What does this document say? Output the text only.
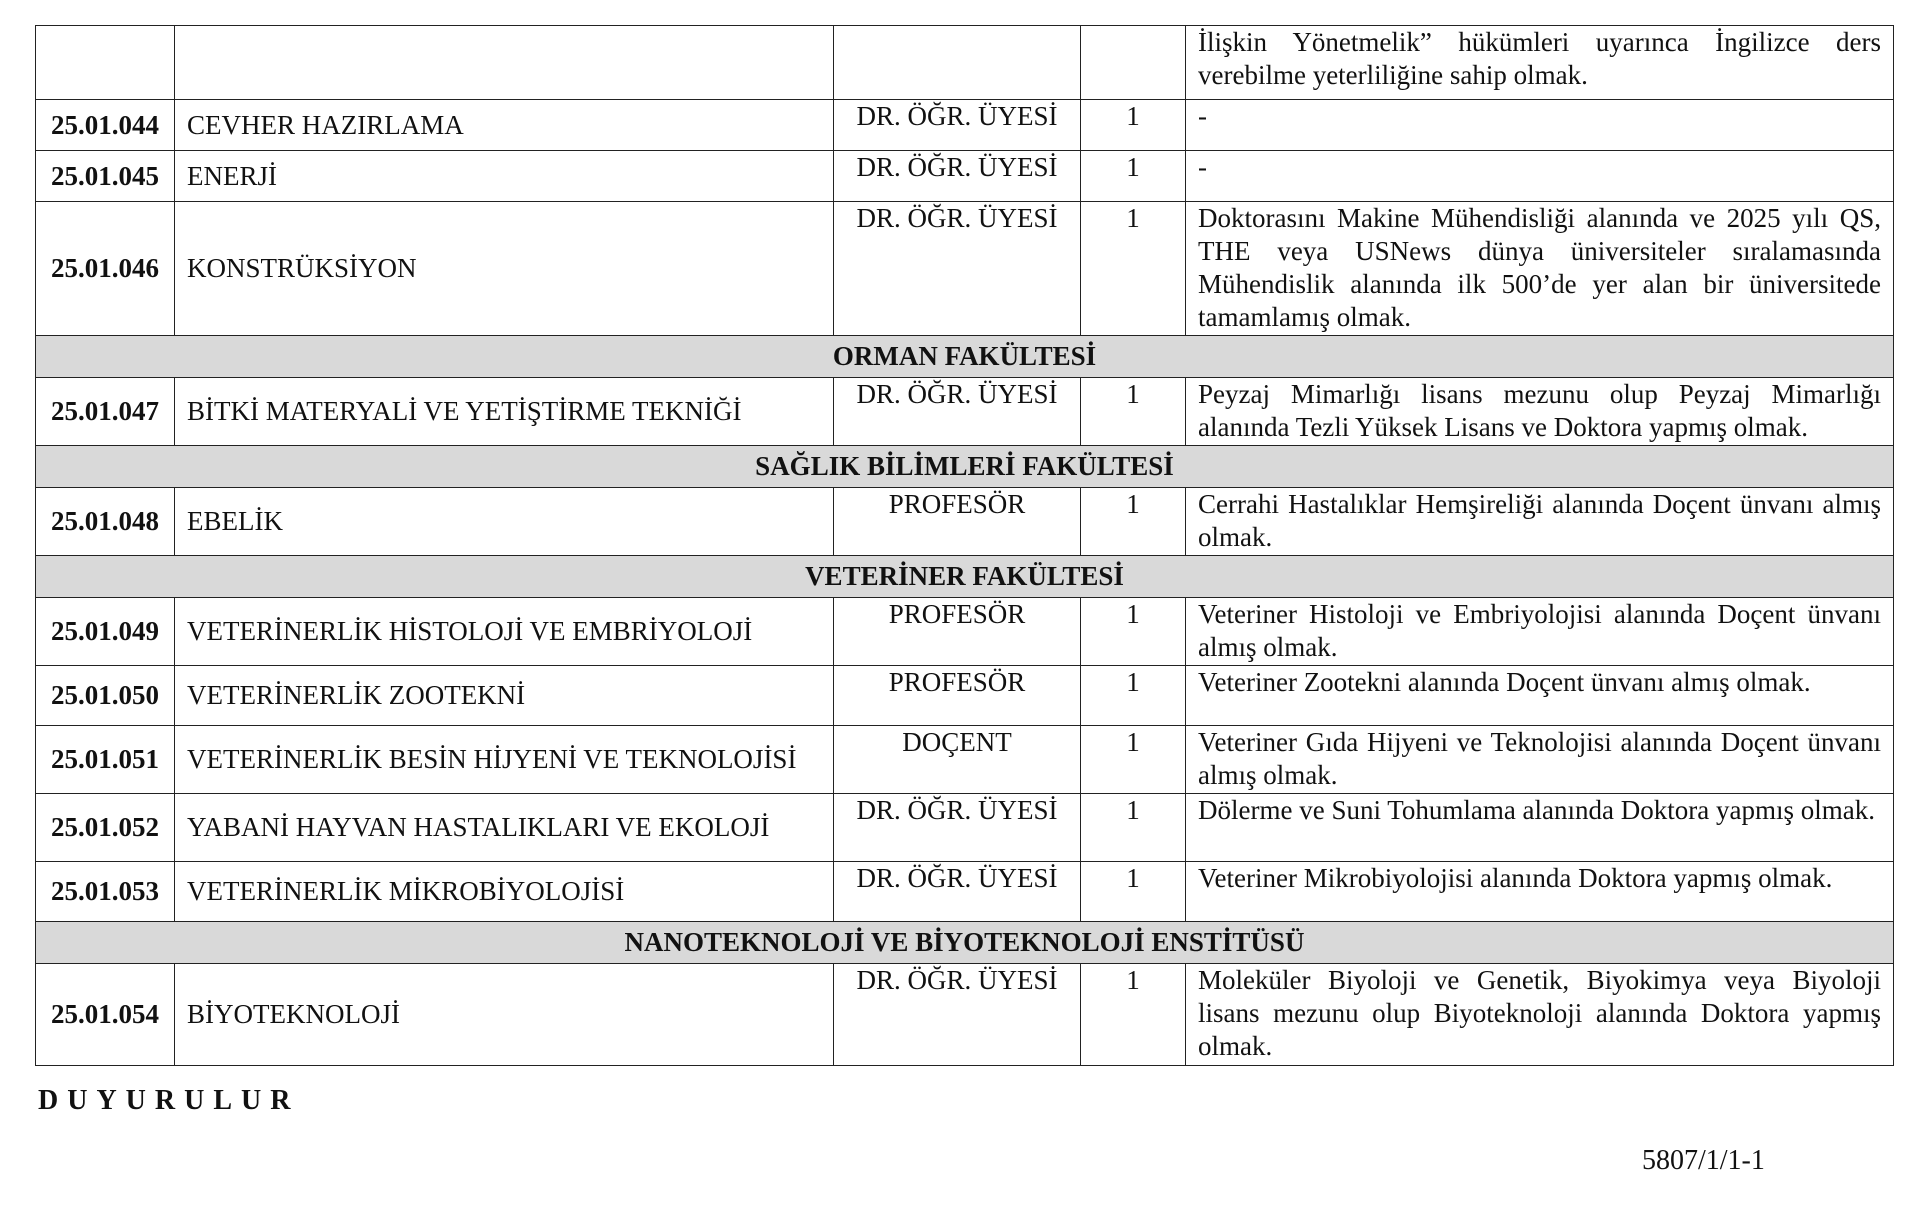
				İlişkin Yönetmelik” hükümleri uyarınca İngilizce ders verebilme yeterliliğine sahip olmak.
25.01.044	CEVHER HAZIRLAMA	DR. ÖĞR. ÜYESİ	1	-
25.01.045	ENERJİ	DR. ÖĞR. ÜYESİ	1	-
25.01.046	KONSTRÜKSİYON	DR. ÖĞR. ÜYESİ	1	Doktorasını Makine Mühendisliği alanında ve 2025 yılı QS, THE veya USNews dünya üniversiteler sıralamasında Mühendislik alanında ilk 500’de yer alan bir üniversitede tamamlamış olmak.
ORMAN FAKÜLTESİ				
25.01.047	BİTKİ MATERYALİ VE YETİŞTİRME TEKNİĞİ	DR. ÖĞR. ÜYESİ	1	Peyzaj Mimarlığı lisans mezunu olup Peyzaj Mimarlığı alanında Tezli Yüksek Lisans ve Doktora yapmış olmak.
SAĞLIK BİLİMLERİ FAKÜLTESİ				
25.01.048	EBELİK	PROFESÖR	1	Cerrahi Hastalıklar Hemşireliği alanında Doçent ünvanı almış olmak.
VETERİNER FAKÜLTESİ				
25.01.049	VETERİNERLİK HİSTOLOJİ VE EMBRİYOLOJİ	PROFESÖR	1	Veteriner Histoloji ve Embriyolojisi alanında Doçent ünvanı almış olmak.
25.01.050	VETERİNERLİK ZOOTEKNİ	PROFESÖR	1	Veteriner Zootekni alanında Doçent ünvanı almış olmak.
25.01.051	VETERİNERLİK BESİN HİJYENİ VE TEKNOLOJİSİ	DOÇENT	1	Veteriner Gıda Hijyeni ve Teknolojisi alanında Doçent ünvanı almış olmak.
25.01.052	YABANİ HAYVAN HASTALIKLARI VE EKOLOJİ	DR. ÖĞR. ÜYESİ	1	Dölerme ve Suni Tohumlama alanında Doktora yapmış olmak.
25.01.053	VETERİNERLİK MİKROBİYOLOJİSİ	DR. ÖĞR. ÜYESİ	1	Veteriner Mikrobiyolojisi alanında Doktora yapmış olmak.
NANOTEKNOLOJİ VE BİYOTEKNOLOJİ ENSTİTÜSÜ				
25.01.054	BİYOTEKNOLOJİ	DR. ÖĞR. ÜYESİ	1	Moleküler Biyoloji ve Genetik, Biyokimya veya Biyoloji lisans mezunu olup Biyoteknoloji alanında Doktora yapmış olmak.
DUYURULUR
5807/1/1-1
